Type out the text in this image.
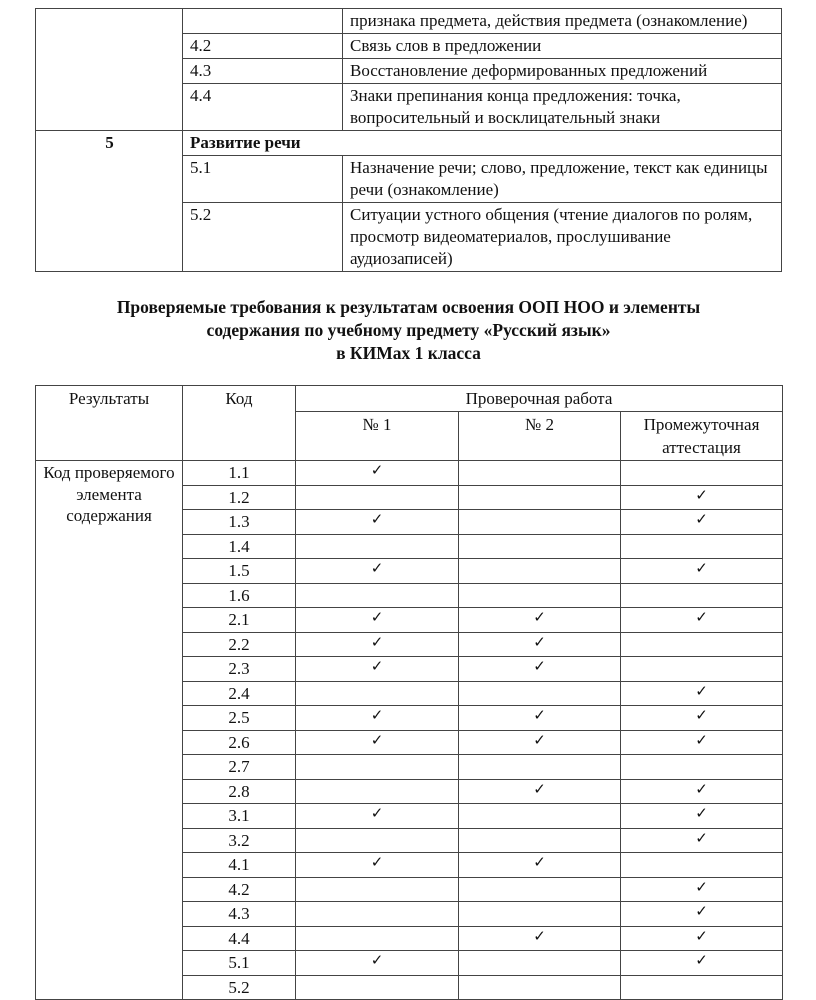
		признака предмета, действия предмета (ознакомление)
	4.2	Связь слов в предложении
	4.3	Восстановление деформированных предложений
	4.4	Знаки препинания конца предложения: точка, вопросительный и восклицательный знаки
5	Развитие речи	
	5.1	Назначение речи; слово, предложение, текст как единицы речи (ознакомление)
	5.2	Ситуации устного общения (чтение диалогов по ролям, просмотр видеоматериалов, прослушивание аудиозаписей)
Проверяемые требования к результатам освоения ООП НОО и элементы
содержания по учебному предмету «Русский язык»
в КИМах 1 класса
Результаты	Код	Проверочная работа		
		№ 1	№ 2	Промежуточная аттестация
Код проверяемого элемента содержания	1.1	✓		
	1.2			✓
	1.3	✓		✓
	1.4			
	1.5	✓		✓
	1.6			
	2.1	✓	✓	✓
	2.2	✓	✓	
	2.3	✓	✓	
	2.4			✓
	2.5	✓	✓	✓
	2.6	✓	✓	✓
	2.7			
	2.8		✓	✓
	3.1	✓		✓
	3.2			✓
	4.1	✓	✓	
	4.2			✓
	4.3			✓
	4.4		✓	✓
	5.1	✓		✓
	5.2			
